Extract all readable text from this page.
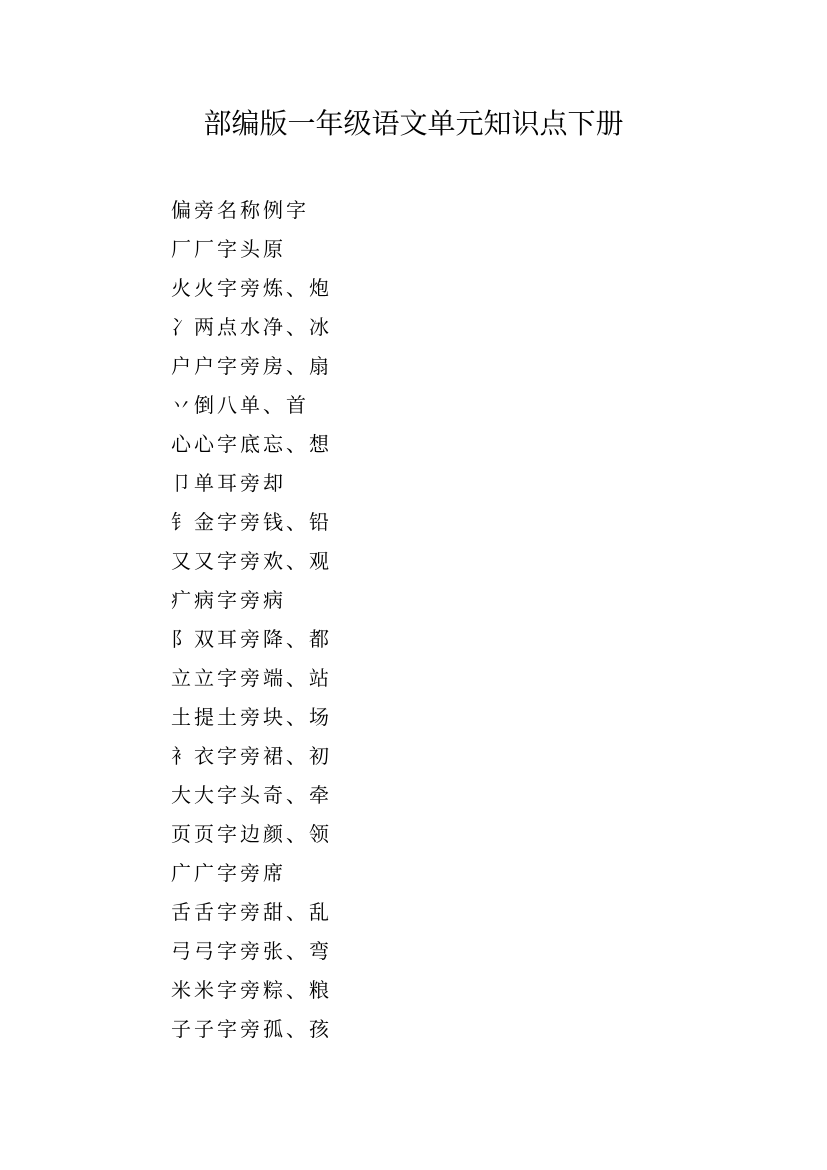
部编版一年级语文单元知识点下册
偏旁名称例字
厂厂字头原
火火字旁炼、炮
冫两点水净、冰
户户字旁房、扇
丷倒八单、首
心心字底忘、想
卩单耳旁却
钅金字旁钱、铅
又又字旁欢、观
疒病字旁病
阝双耳旁降、都
立立字旁端、站
土提土旁块、场
衤衣字旁裙、初
大大字头奇、牵
页页字边颜、领
广广字旁席
舌舌字旁甜、乱
弓弓字旁张、弯
米米字旁粽、粮
子子字旁孤、孩
